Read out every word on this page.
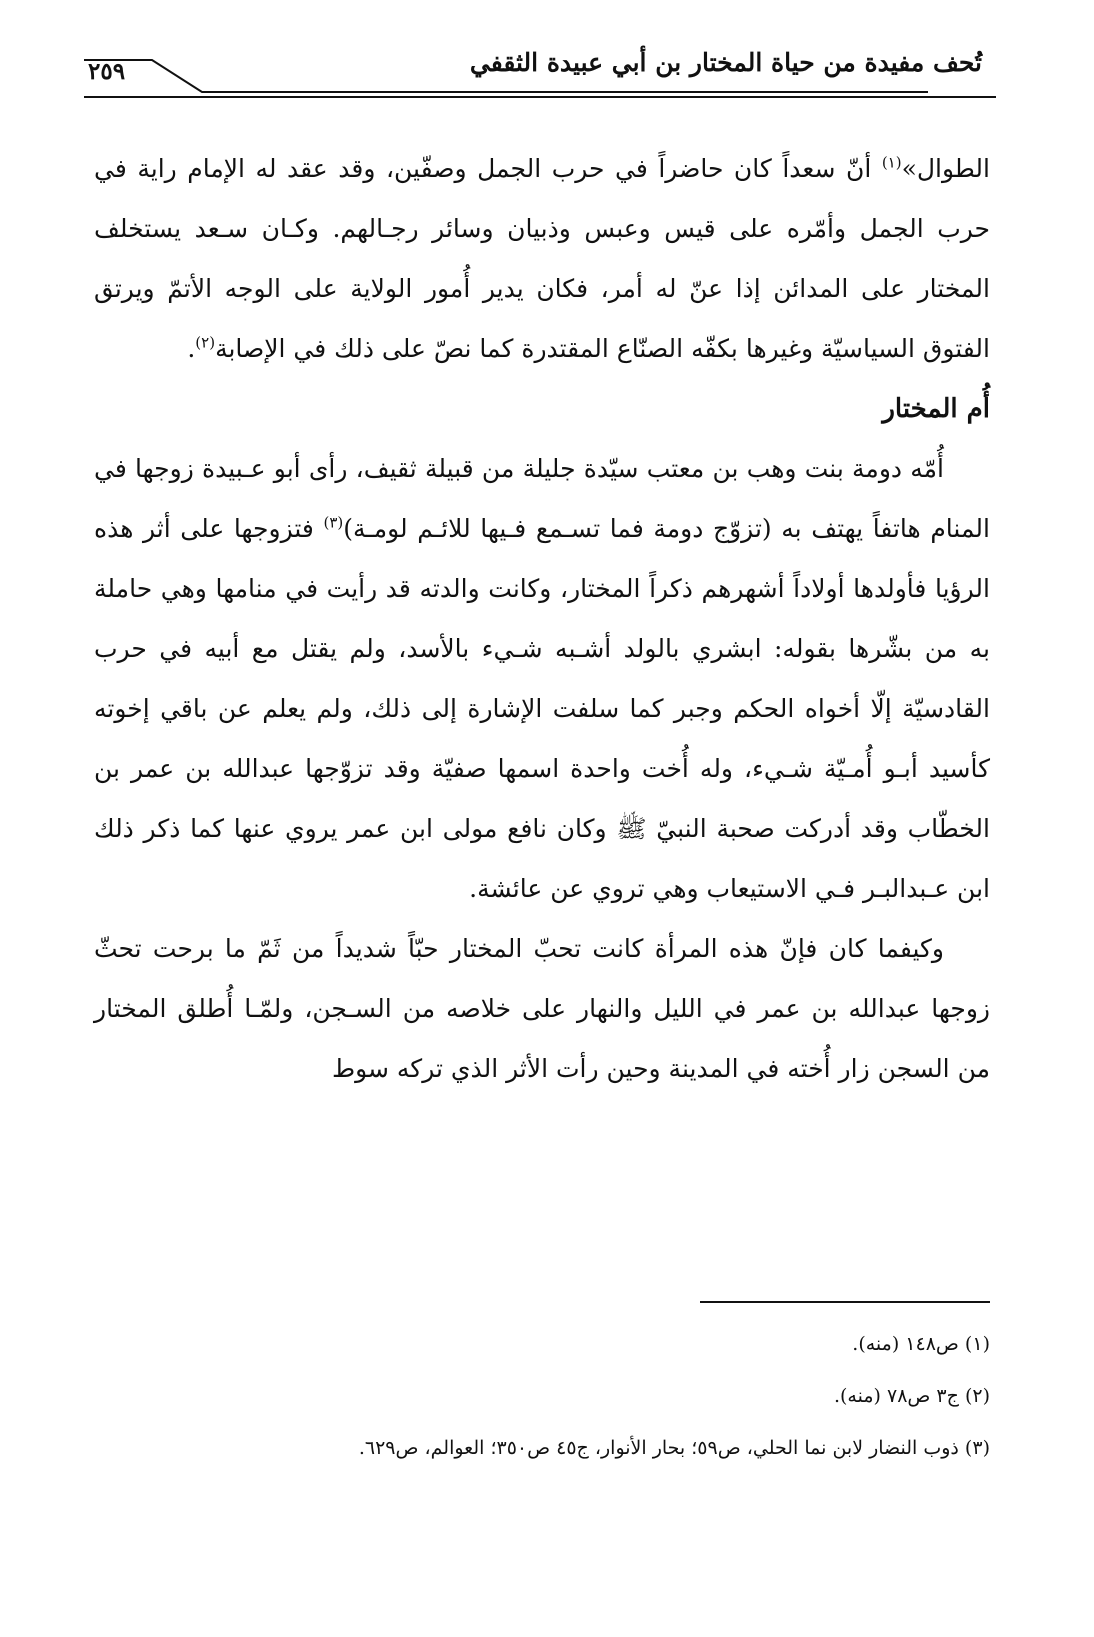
تُحف مفيدة من حياة المختار بن أبي عبيدة الثقفي
٢٥٩

الطوال»$^{(١)}$ أنّ سعداً كان حاضراً في حرب الجمل وصفّين، وقد عقد له الإمام راية في حرب الجمل وأمّره على قيس وعبس وذبيان وسائر رجـالهم. وكـان سـعد يستخلف المختار على المدائن إذا عنّ له أمر، فكان يدير أُمور الولاية على الوجه الأتمّ ويرتق الفتوق السياسيّة وغيرها بكفّه الصنّاع المقتدرة كما نصّ على ذلك في الإصابة$^{(٢)}$.

أُم المختار

أُمّه دومة بنت وهب بن معتب سيّدة جليلة من قبيلة ثقيف، رأى أبو عـبيدة زوجها في المنام هاتفاً يهتف به (تزوّج دومة فما تسـمع فـيها للائـم لومـة)$^{(٣)}$ فتزوجها على أثر هذه الرؤيا فأولدها أولاداً أشهرهم ذكراً المختار، وكانت والدته قد رأيت في منامها وهي حاملة به من بشّرها بقوله: ابشري بالولد أشـبه شـيء بالأسد، ولم يقتل مع أبيه في حرب القادسيّة إلّا أخواه الحكم وجبر كما سلفت الإشارة إلى ذلك، ولم يعلم عن باقي إخوته كأسيد أبـو أُمـيّة شـيء، وله أُخت واحدة اسمها صفيّة وقد تزوّجها عبدالله بن عمر بن الخطّاب وقد أدركت صحبة النبيّ ﷺ وكان نافع مولى ابن عمر يروي عنها كما ذكر ذلك ابن عـبدالبـر فـي الاستيعاب وهي تروي عن عائشة.

وكيفما كان فإنّ هذه المرأة كانت تحبّ المختار حبّاً شديداً من ثَمّ ما برحت تحثّ زوجها عبدالله بن عمر في الليل والنهار على خلاصه من السـجن، ولمّـا أُطلق المختار من السجن زار أُخته في المدينة وحين رأت الأثر الذي تركه سوط

(١) ص١٤٨ (منه).
(٢) ج٣ ص٧٨ (منه).
(٣) ذوب النضار لابن نما الحلي، ص٥٩؛ بحار الأنوار، ج٤٥ ص٣٥٠؛ العوالم، ص٦٢٩.
